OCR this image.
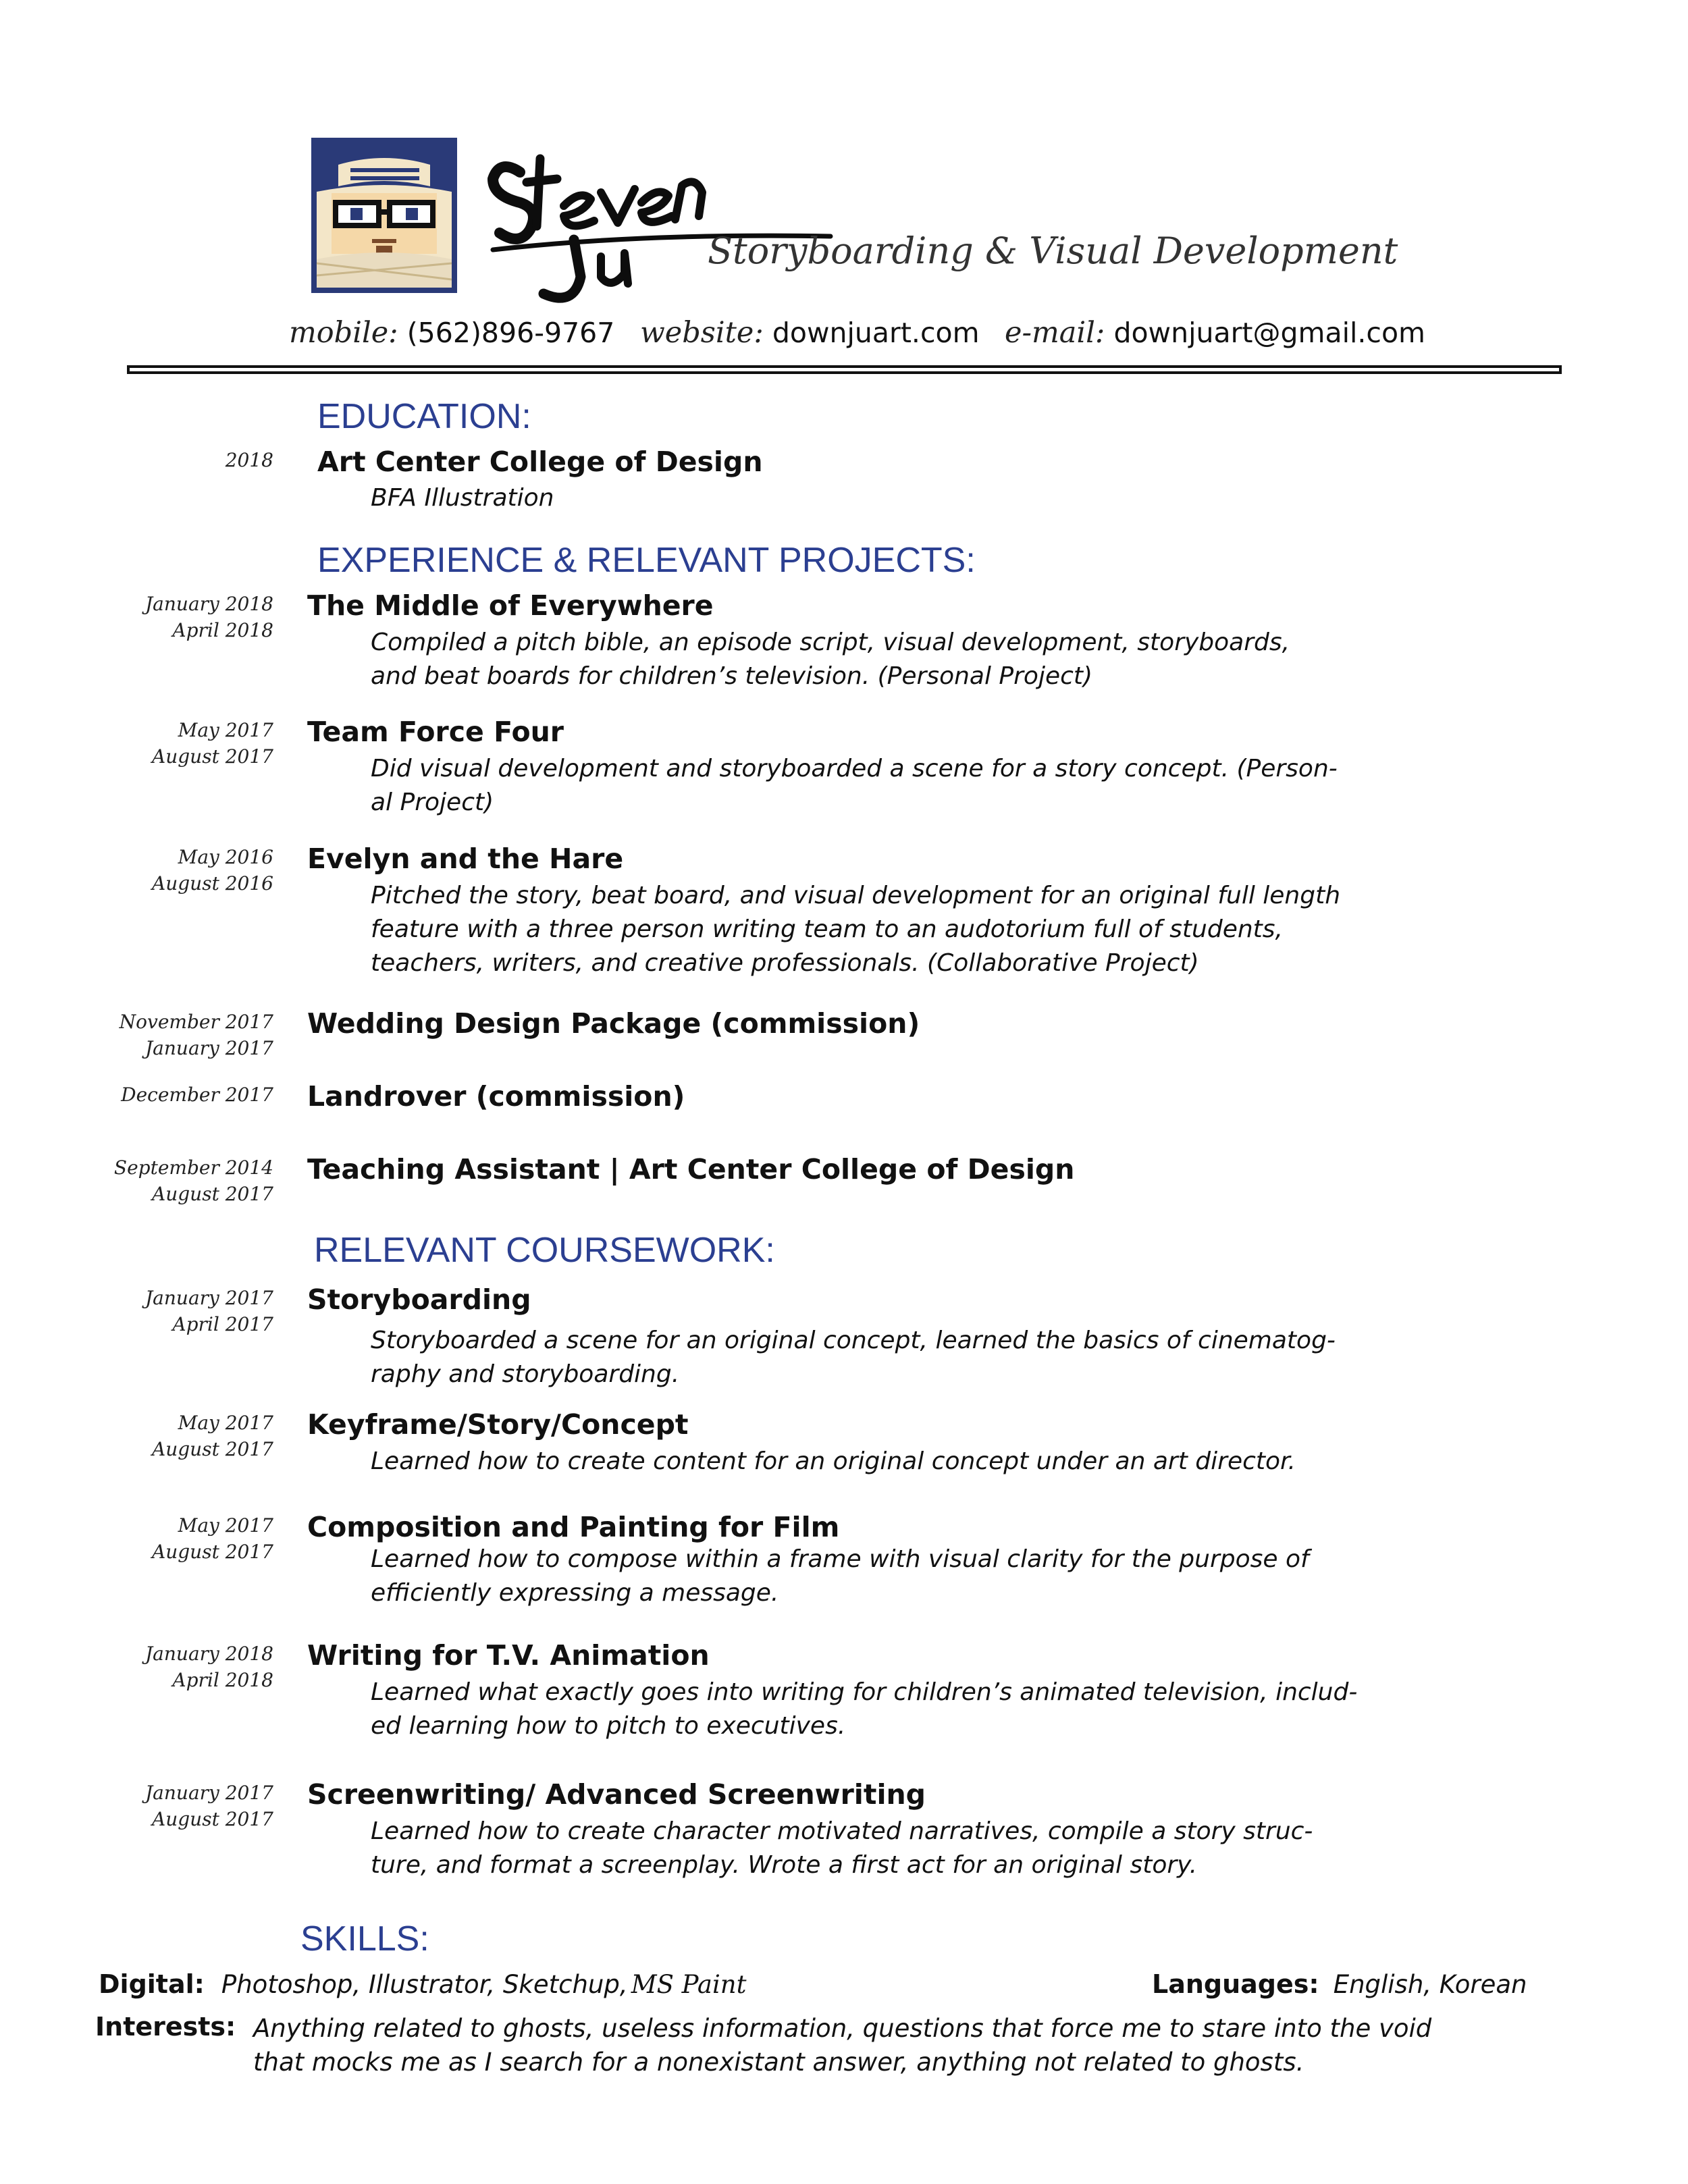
Storyboarding & Visual Development
mobile: (562)896-9767 website: downjuart.com e-mail: downjuart@gmail.com
EDUCATION:
2018 Art Center College of Design
BFA Illustration
EXPERIENCE & RELEVANT PROJECTS:
January 2018
April 2018
The Middle of Everywhere
Compiled a pitch bible, an episode script, visual development, storyboards,
and beat boards for children’s television. (Personal Project)
May 2017
August 2017
Team Force Four
Did visual development and storyboarded a scene for a story concept. (Person-
al Project)
May 2016
August 2016
Evelyn and the Hare
Pitched the story, beat board, and visual development for an original full length
feature with a three person writing team to an audotorium full of students,
teachers, writers, and creative professionals. (Collaborative Project)
November 2017
January 2017
Wedding Design Package (commission)
December 2017 Landrover (commission)
September 2014
August 2017
Teaching Assistant | Art Center College of Design
RELEVANT COURSEWORK:
January 2017
April 2017
Storyboarding
Storyboarded a scene for an original concept, learned the basics of cinematog-
raphy and storyboarding.
May 2017
August 2017
Keyframe/Story/Concept
Learned how to create content for an original concept under an art director.
May 2017
August 2017
Composition and Painting for Film
Learned how to compose within a frame with visual clarity for the purpose of
efficiently expressing a message.
January 2018
April 2018
Writing for T.V. Animation
Learned what exactly goes into writing for children’s animated television, includ-
ed learning how to pitch to executives.
January 2017
August 2017
Screenwriting/ Advanced Screenwriting
Learned how to create character motivated narratives, compile a story struc-
ture, and format a screenplay. Wrote a first act for an original story.
SKILLS:
Digital: Photoshop, Illustrator, Sketchup, MS Paint	Languages: English, Korean
Interests: Anything related to ghosts, useless information, questions that force me to stare into the void
that mocks me as I search for a nonexistant answer, anything not related to ghosts.
